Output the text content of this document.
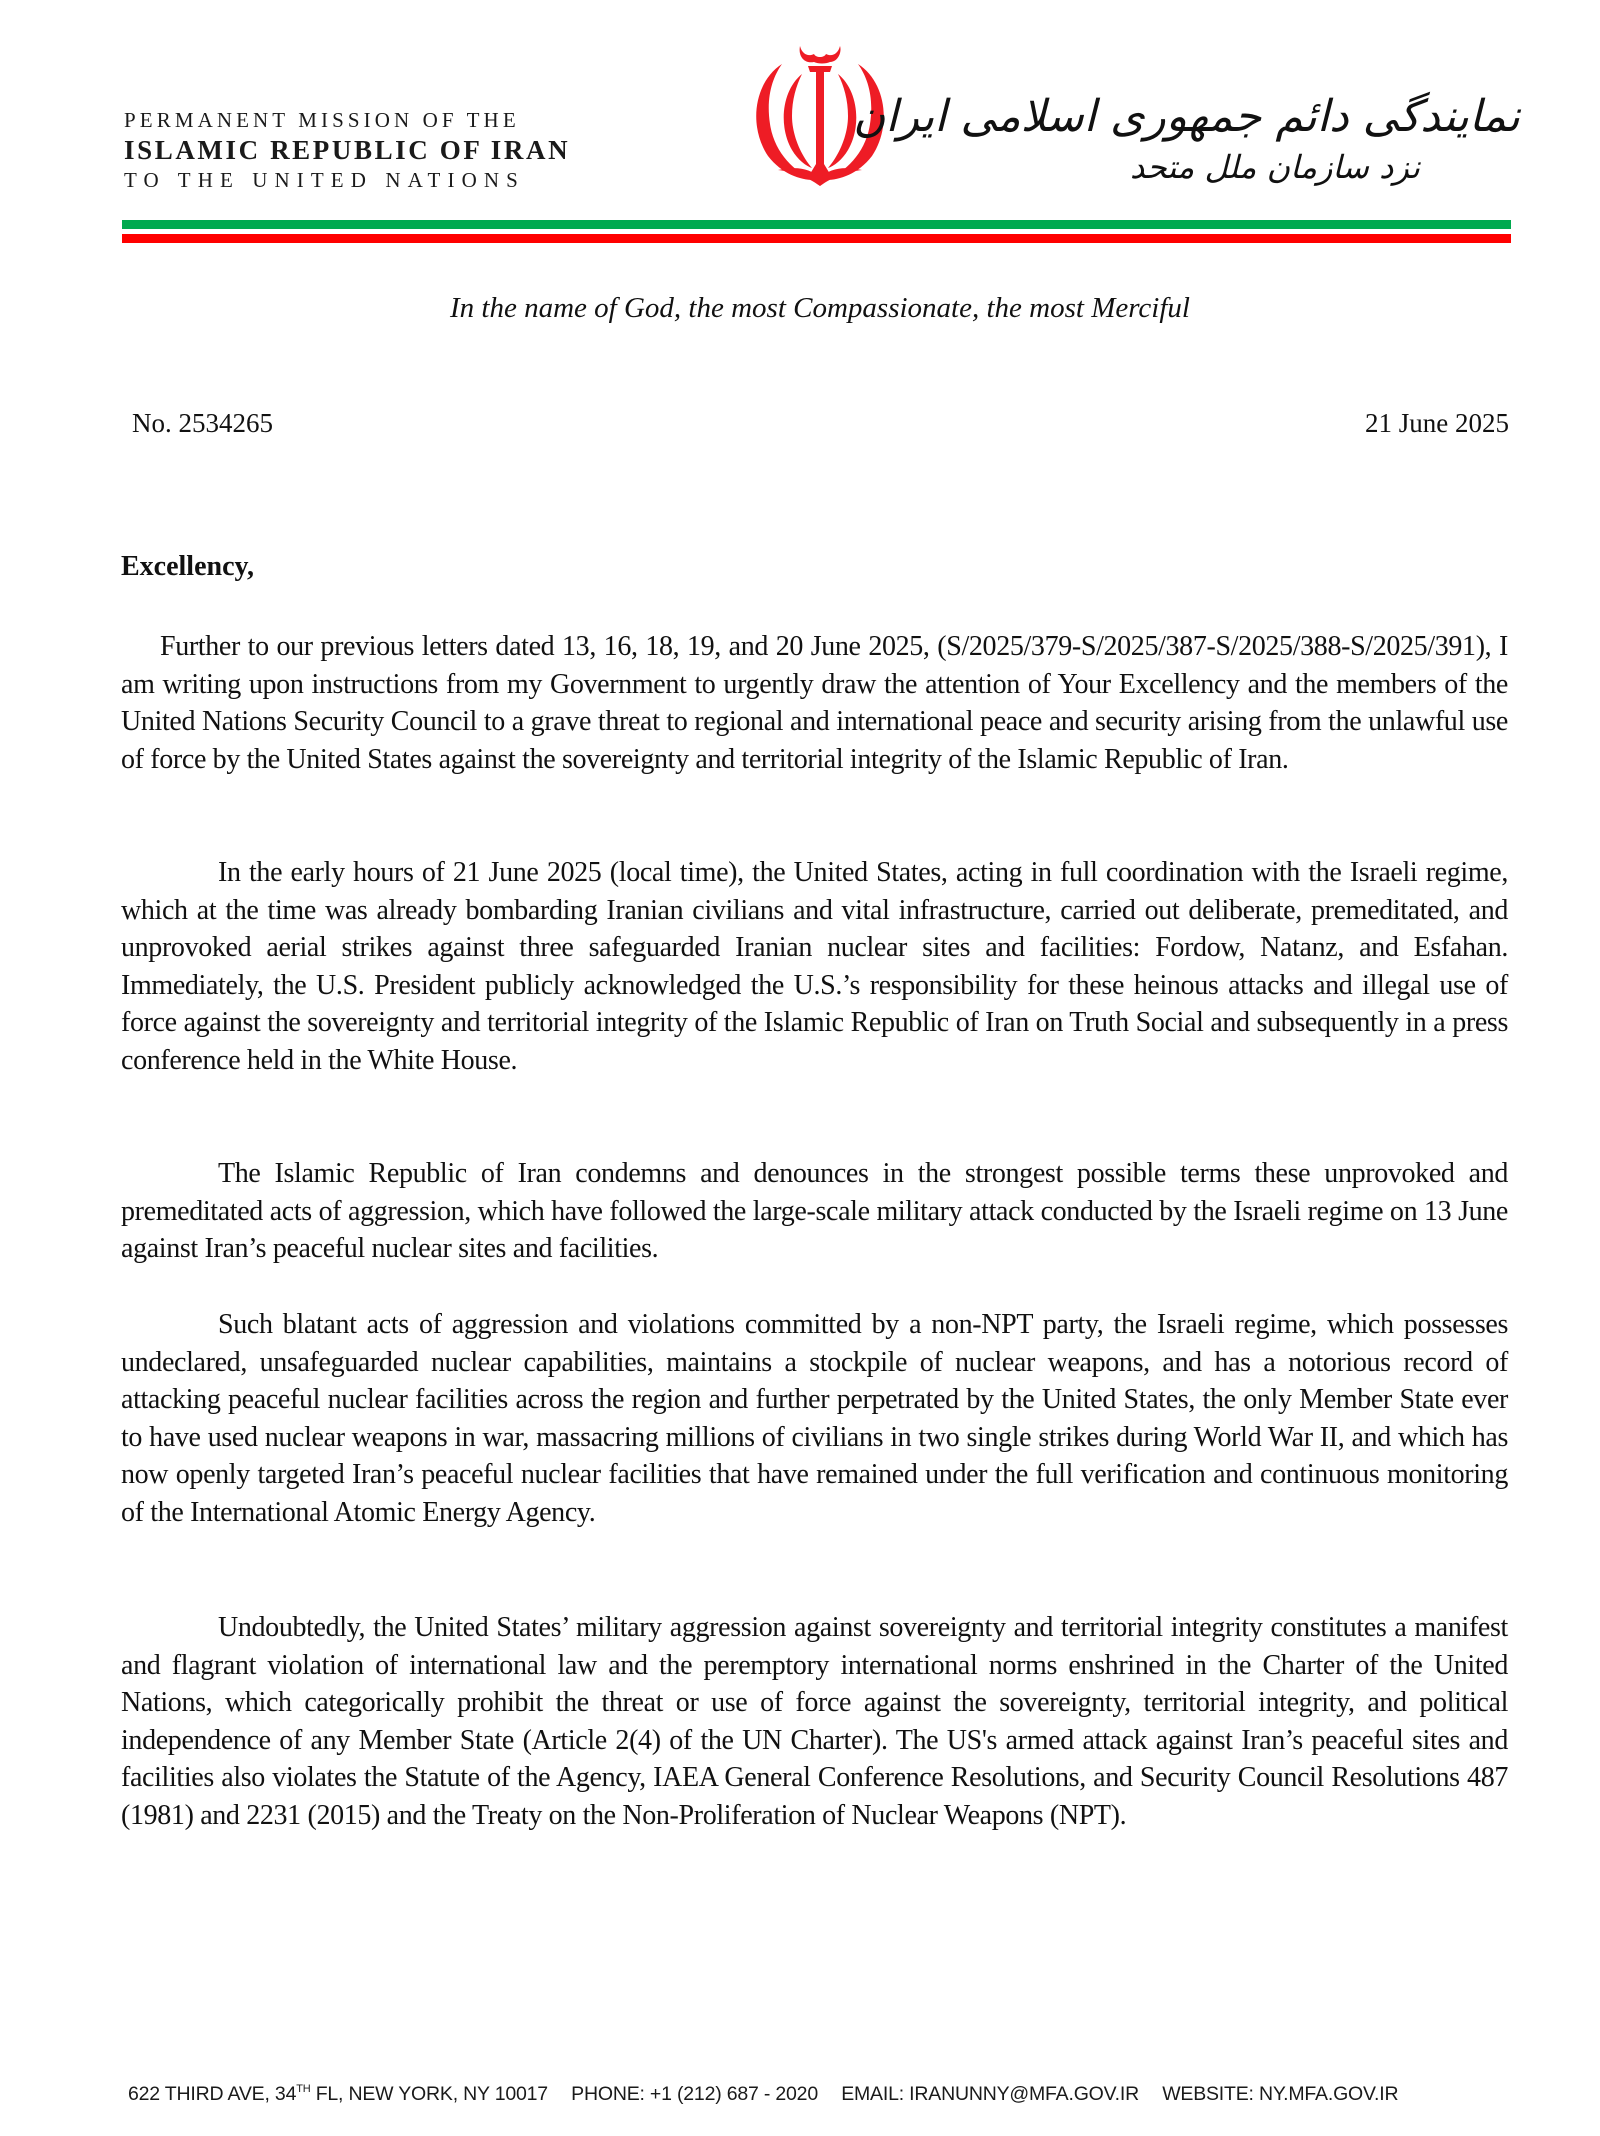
PERMANENT MISSION OF THE
ISLAMIC REPUBLIC OF IRAN
TO THE UNITED NATIONS
نمایندگی دائم جمهوری اسلامی ایران
نزد سازمان ملل متحد
In the name of God, the most Compassionate, the most Merciful
No. 2534265	21 June 2025
Excellency,

Further to our previous letters dated 13, 16, 18, 19, and 20 June 2025, (S/2025/379-S/2025/387-S/2025/388-S/2025/391), I am writing upon instructions from my Government to urgently draw the attention of Your Excellency and the members of the United Nations Security Council to a grave threat to regional and international peace and security arising from the unlawful use of force by the United States against the sovereignty and territorial integrity of the Islamic Republic of Iran.

In the early hours of 21 June 2025 (local time), the United States, acting in full coordination with the Israeli regime, which at the time was already bombarding Iranian civilians and vital infrastructure, carried out deliberate, premeditated, and unprovoked aerial strikes against three safeguarded Iranian nuclear sites and facilities: Fordow, Natanz, and Esfahan. Immediately, the U.S. President publicly acknowledged the U.S.’s responsibility for these heinous attacks and illegal use of force against the sovereignty and territorial integrity of the Islamic Republic of Iran on Truth Social and subsequently in a press conference held in the White House.

The Islamic Republic of Iran condemns and denounces in the strongest possible terms these unprovoked and premeditated acts of aggression, which have followed the large-scale military attack conducted by the Israeli regime on 13 June against Iran’s peaceful nuclear sites and facilities.

Such blatant acts of aggression and violations committed by a non-NPT party, the Israeli regime, which possesses undeclared, unsafeguarded nuclear capabilities, maintains a stockpile of nuclear weapons, and has a notorious record of attacking peaceful nuclear facilities across the region and further perpetrated by the United States, the only Member State ever to have used nuclear weapons in war, massacring millions of civilians in two single strikes during World War II, and which has now openly targeted Iran’s peaceful nuclear facilities that have remained under the full verification and continuous monitoring of the International Atomic Energy Agency.

Undoubtedly, the United States’ military aggression against sovereignty and territorial integrity constitutes a manifest and flagrant violation of international law and the peremptory international norms enshrined in the Charter of the United Nations, which categorically prohibit the threat or use of force against the sovereignty, territorial integrity, and political independence of any Member State (Article 2(4) of the UN Charter). The US's armed attack against Iran’s peaceful sites and facilities also violates the Statute of the Agency, IAEA General Conference Resolutions, and Security Council Resolutions 487 (1981) and 2231 (2015) and the Treaty on the Non-Proliferation of Nuclear Weapons (NPT).

622 THIRD AVE, 34TH FL, NEW YORK, NY 10017 PHONE: +1 (212) 687 - 2020 EMAIL: IRANUNNY@MFA.GOV.IR WEBSITE: NY.MFA.GOV.IR
